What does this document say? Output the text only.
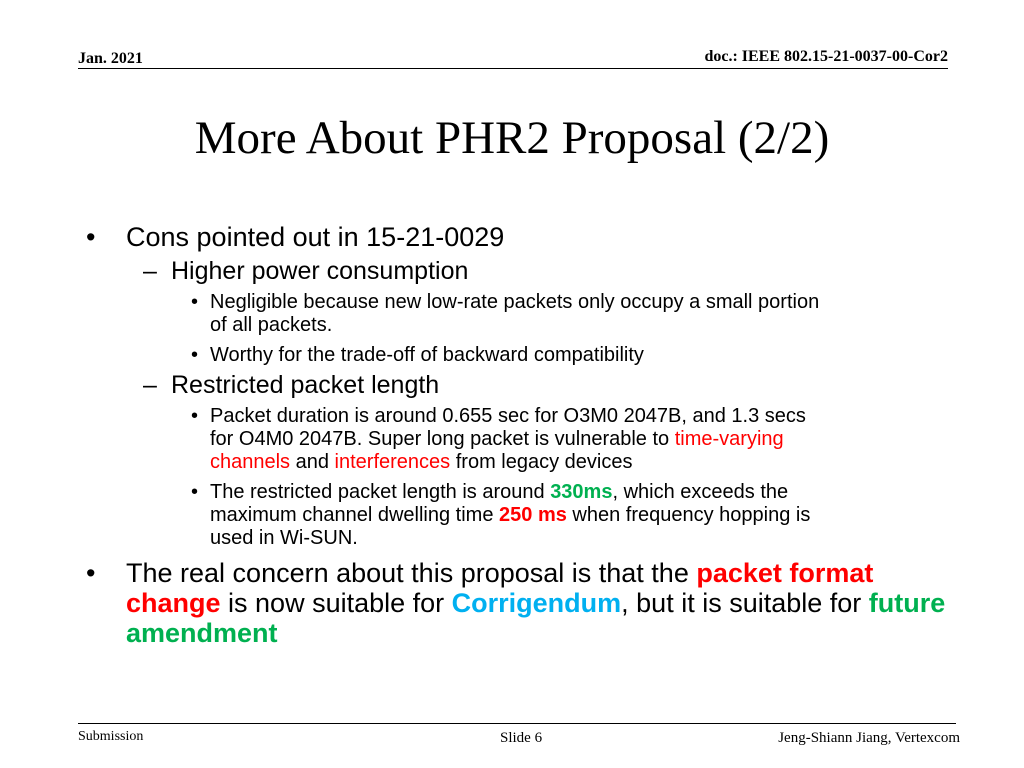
Jan. 2021	doc.: IEEE 802.15-21-0037-00-Cor2
More About PHR2 Proposal (2/2)
• Cons pointed out in 15-21-0029
– Higher power consumption
• Negligible because new low-rate packets only occupy a small portion of all packets.
• Worthy for the trade-off of backward compatibility
– Restricted packet length
• Packet duration is around 0.655 sec for O3M0 2047B, and 1.3 secs for O4M0 2047B. Super long packet is vulnerable to time-varying channels and interferences from legacy devices
• The restricted packet length is around 330ms, which exceeds the maximum channel dwelling time 250 ms when frequency hopping is used in Wi-SUN.
• The real concern about this proposal is that the packet format change is now suitable for Corrigendum, but it is suitable for future amendment
Submission	Slide 6	Jeng-Shiann Jiang, Vertexcom
